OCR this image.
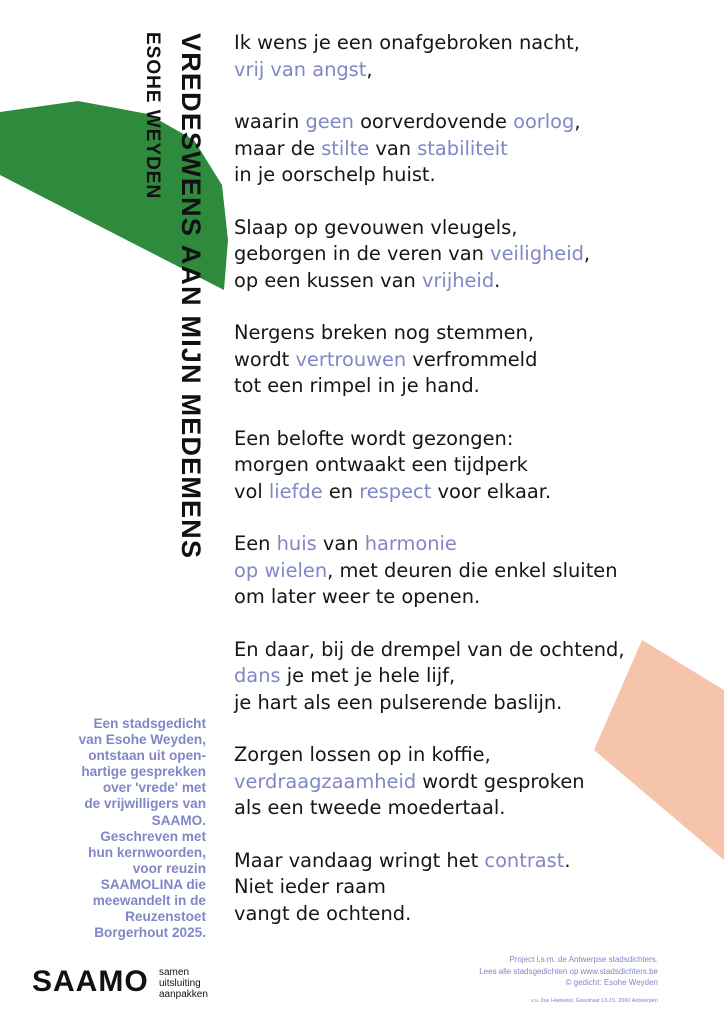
VREDESWENS AAN MIJN MEDEMENS
ESOHE WEYDEN	Ik wens je een onafgebroken nacht,
vrij van angst,
waarin geen oorverdovende oorlog,
maar de stilte van stabiliteit
in je oorschelp huist.
Slaap op gevouwen vleugels,
geborgen in de veren van veiligheid,
op een kussen van vrijheid.
Nergens breken nog stemmen,
wordt vertrouwen verfrommeld
tot een rimpel in je hand.
Een belofte wordt gezongen:
morgen ontwaakt een tijdperk
vol liefde en respect voor elkaar.
Een huis van harmonie
op wielen, met deuren die enkel sluiten
om later weer te openen.
En daar, bij de drempel van de ochtend,
dans je met je hele lijf,
je hart als een pulserende baslijn.
Zorgen lossen op in koffie,
verdraagzaamheid wordt gesproken
als een tweede moedertaal.
Maar vandaag wringt het contrast.
Niet ieder raam
vangt de ochtend.
Een stadsgedicht
van Esohe Weyden,
ontstaan uit open-
hartige gesprekken
over 'vrede' met
de vrijwilligers van
SAAMO.
Geschreven met
hun kernwoorden,
voor reuzin
SAAMOLINA die
meewandelt in de
Reuzenstoet
Borgerhout 2025.
SAAMO samen
uitsluiting
aanpakken
Project i.s.m. de Antwerpse stadsdichters.
Lees alle stadsgedichten op www.stadsdichters.be
© gedicht: Esohe Weyden
v.u. Ilse Haeketal, Gasstraat 13-15, 2060 Antwerpen
